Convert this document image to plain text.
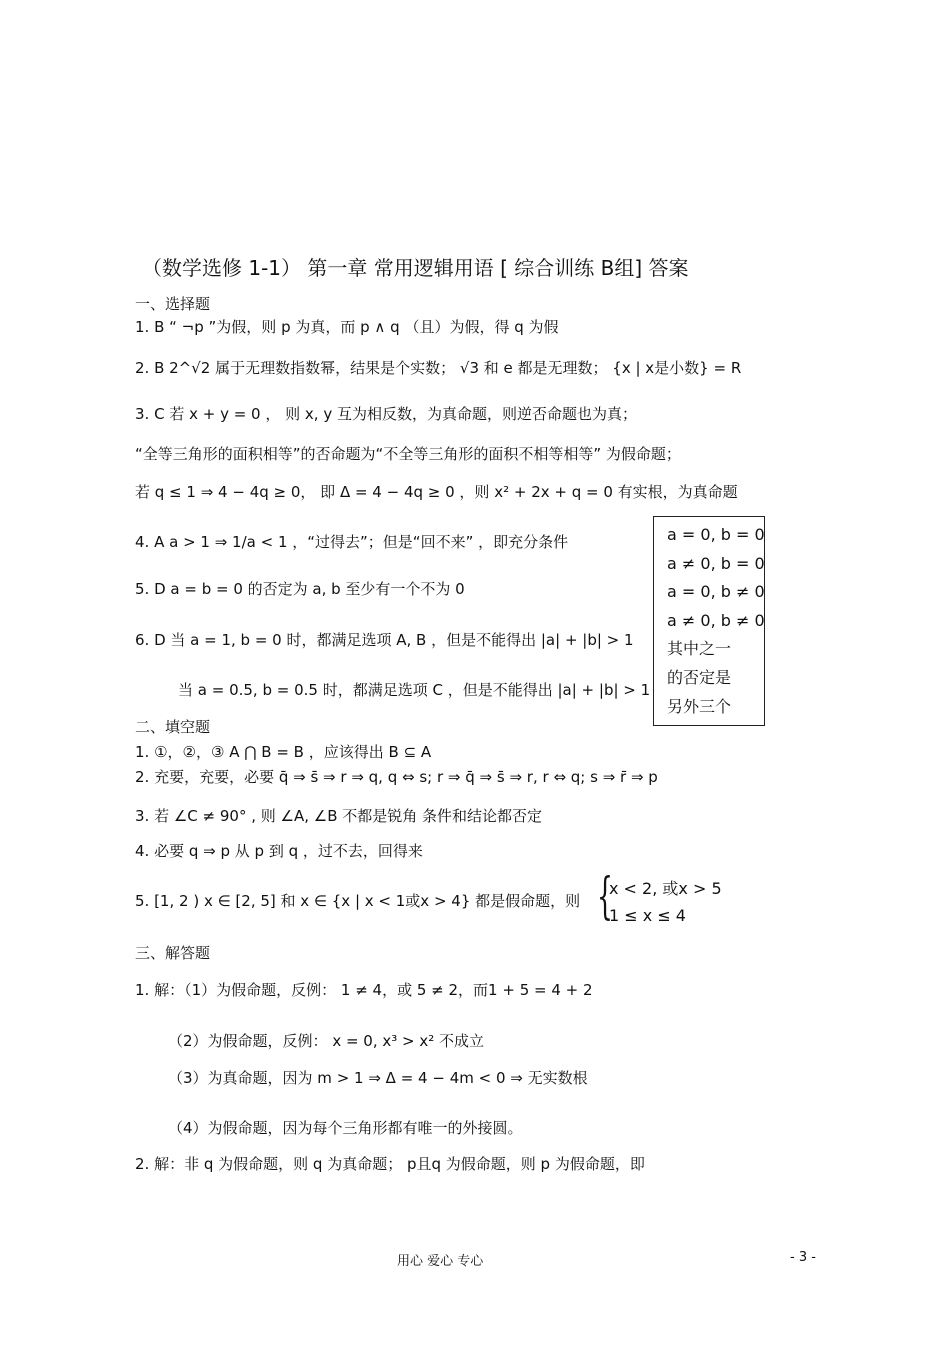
（数学选修 1-1） 第一章 常用逻辑用语 [ 综合训练 B组] 答案
一、选择题
1. B “ ¬p ”为假，则 p 为真，而 p ∧ q （且）为假，得 q 为假
2. B 2^√2 属于无理数指数幂，结果是个实数； √3 和 e 都是无理数； {x | x是小数} = R
3. C 若 x + y = 0 ， 则 x, y 互为相反数，为真命题，则逆否命题也为真；
“全等三角形的面积相等”的否命题为“不全等三角形的面积不相等相等” 为假命题；
若 q ≤ 1 ⇒ 4 − 4q ≥ 0， 即 Δ = 4 − 4q ≥ 0 ，则 x² + 2x + q = 0 有实根，为真命题
4. A a > 1 ⇒ 1/a < 1 ，“过得去”；但是“回不来” ，即充分条件
5. D a = b = 0 的否定为 a, b 至少有一个不为 0
6. D 当 a = 1, b = 0 时，都满足选项 A, B ，但是不能得出 |a| + |b| > 1
当 a = 0.5, b = 0.5 时，都满足选项 C ，但是不能得出 |a| + |b| > 1
a = 0, b = 0
a ≠ 0, b = 0
a = 0, b ≠ 0
a ≠ 0, b ≠ 0
其中之一
的否定是
另外三个
二、填空题
1. ①，②，③ A ⋂ B = B ，应该得出 B ⊆ A
2. 充要，充要，必要 q̄ ⇒ s̄ ⇒ r ⇒ q, q ⇔ s; r ⇒ q̄ ⇒ s̄ ⇒ r, r ⇔ q; s ⇒ r̄ ⇒ p
3. 若 ∠C ≠ 90° , 则 ∠A, ∠B 不都是锐角 条件和结论都否定
4. 必要 q ⇒ p 从 p 到 q ，过不去，回得来
5. [1, 2 ) x ∈ [2, 5] 和 x ∈ {x | x < 1或x > 4} 都是假命题，则 {
x < 2, 或x > 5
1 ≤ x ≤ 4
三、解答题
1. 解：（1）为假命题，反例： 1 ≠ 4，或 5 ≠ 2，而1 + 5 = 4 + 2
（2）为假命题，反例： x = 0, x³ > x² 不成立
（3）为真命题，因为 m > 1 ⇒ Δ = 4 − 4m < 0 ⇒ 无实数根
（4）为假命题，因为每个三角形都有唯一的外接圆。
2. 解：非 q 为假命题，则 q 为真命题； p且q 为假命题，则 p 为假命题，即
用心 爱心 专心	- 3 -
